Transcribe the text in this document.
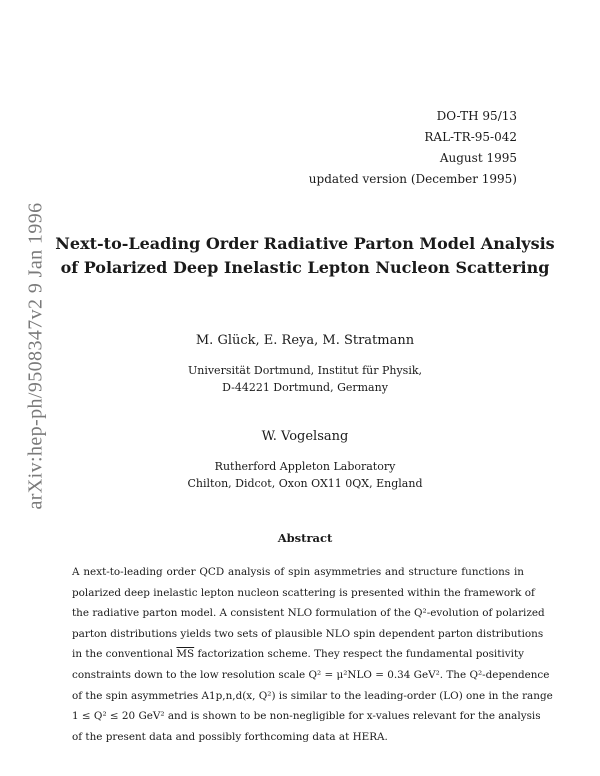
DO-TH 95/13
RAL-TR-95-042
August 1995
updated version (December 1995)
arXiv:hep-ph/9508347v2 9 Jan 1996 Next-to-Leading Order Radiative Parton Model Analysis
of Polarized Deep Inelastic Lepton Nucleon Scattering
M. Glück, E. Reya, M. Stratmann
Universität Dortmund, Institut für Physik,
D-44221 Dortmund, Germany
W. Vogelsang
Rutherford Appleton Laboratory
Chilton, Didcot, Oxon OX11 0QX, England
Abstract
A next-to-leading order QCD analysis of spin asymmetries and structure functions in
polarized deep inelastic lepton nucleon scattering is presented within the framework of
the radiative parton model. A consistent NLO formulation of the Q²-evolution of polarized
parton distributions yields two sets of plausible NLO spin dependent parton distributions
in the conventional $\overline{MS}$ factorization scheme. They respect the fundamental positivity
constraints down to the low resolution scale Q² = μ²NLO = 0.34 GeV². The Q²-dependence
of the spin asymmetries A1p,n,d(x, Q²) is similar to the leading-order (LO) one in the range
1 ≤ Q² ≤ 20 GeV² and is shown to be non-negligible for x-values relevant for the analysis
of the present data and possibly forthcoming data at HERA.
